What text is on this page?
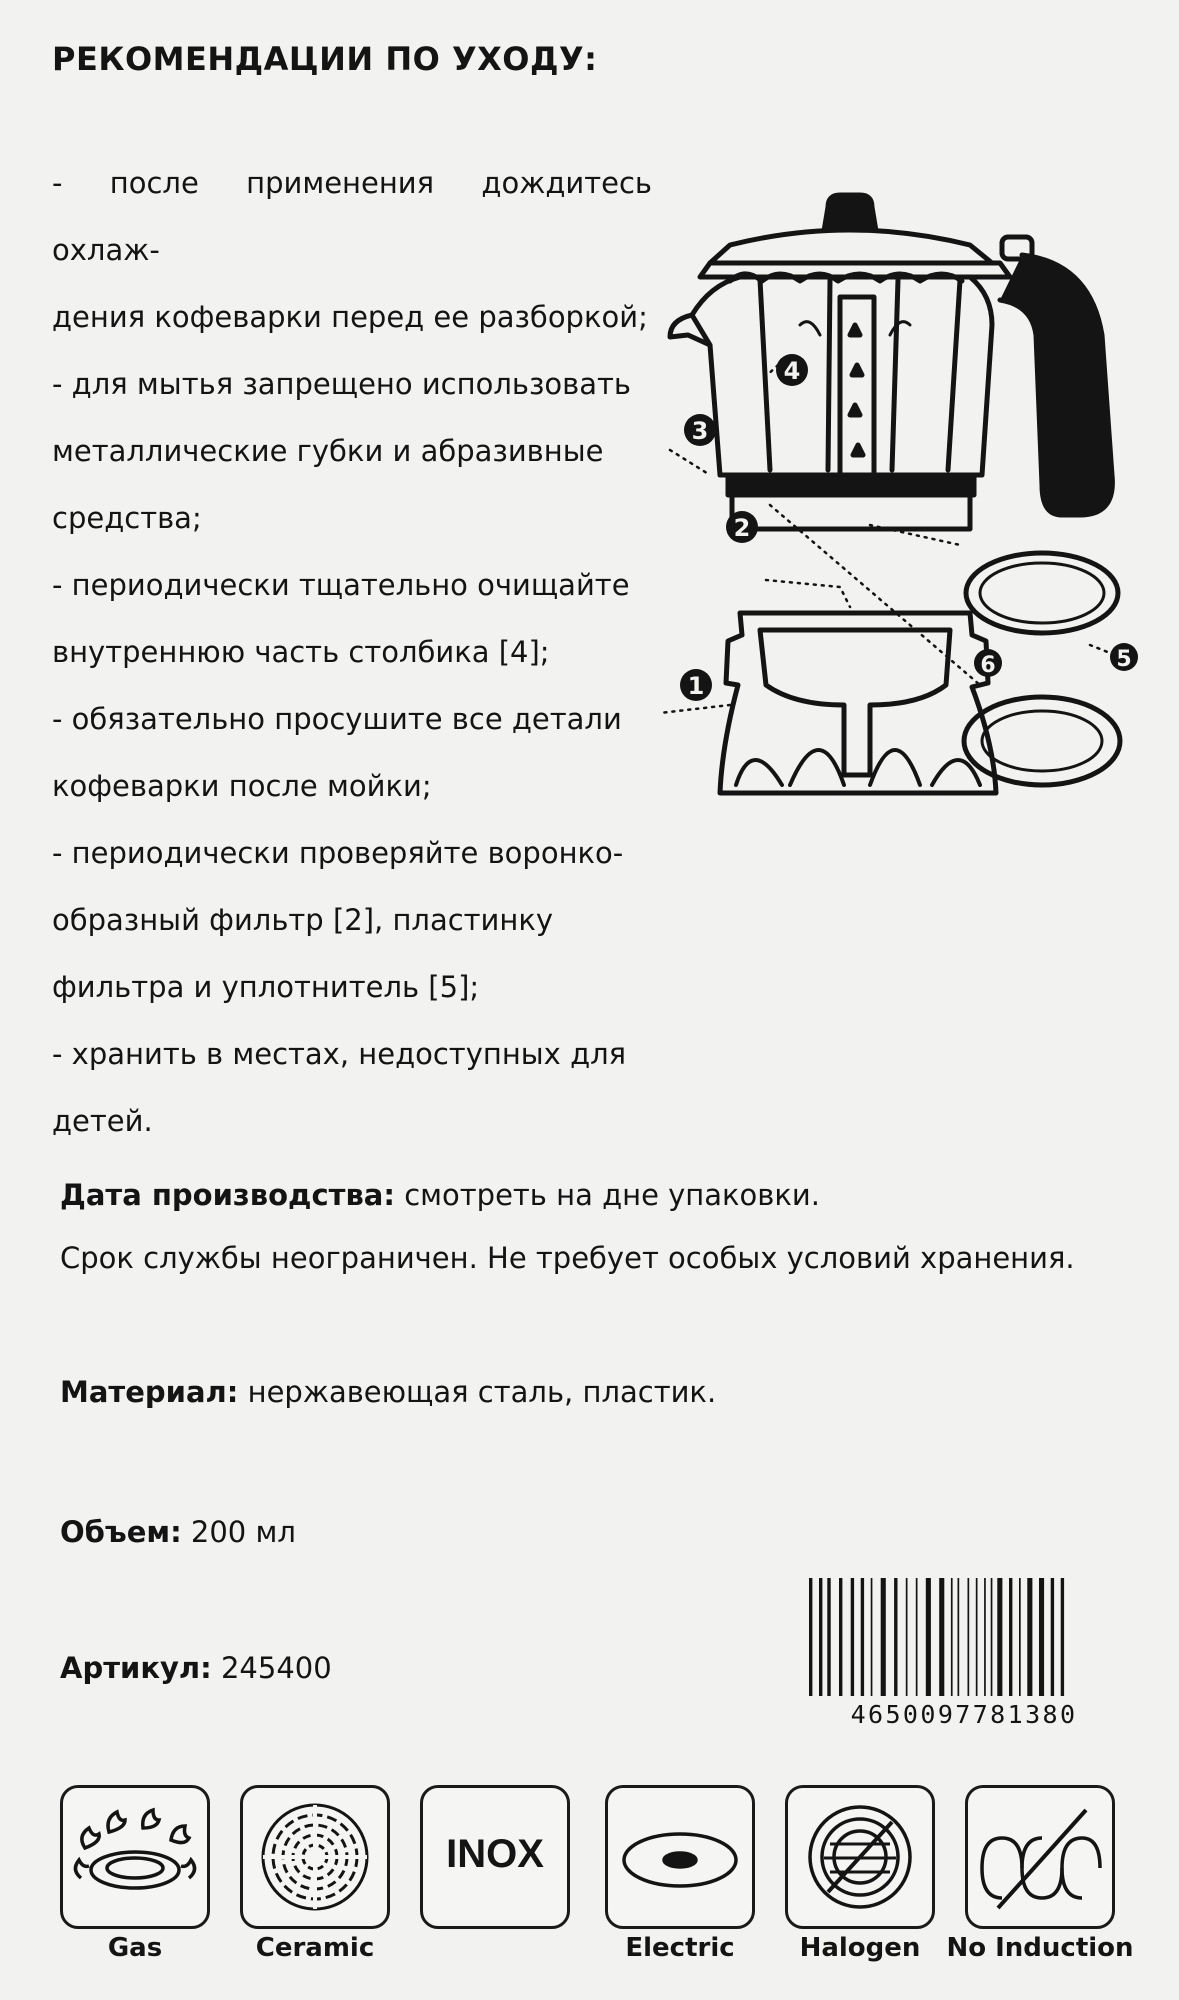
РЕКОМЕНДАЦИИ ПО УХОДУ:
- после применения дождитесь охлаж-
дения кофеварки перед ее разборкой;
- для мытья запрещено использовать
металлические губки и абразивные
средства;
- периодически тщательно очищайте
внутреннюю часть столбика [4];
- обязательно просушите все детали
кофеварки после мойки;
- периодически проверяйте воронко-
образный фильтр [2], пластинку
фильтра и уплотнитель [5];
- хранить в местах, недоступных для
детей.
1
2
3
4
5
6

Дата производства: смотреть на дне упаковки.

Срок службы неограничен. Не требует особых условий хранения.

Материал: нержавеющая сталь, пластик.

Объем: 200 мл

Артикул: 245400

4650097781380

Gas	Ceramic
INOX
Electric	Halogen	No Induction
